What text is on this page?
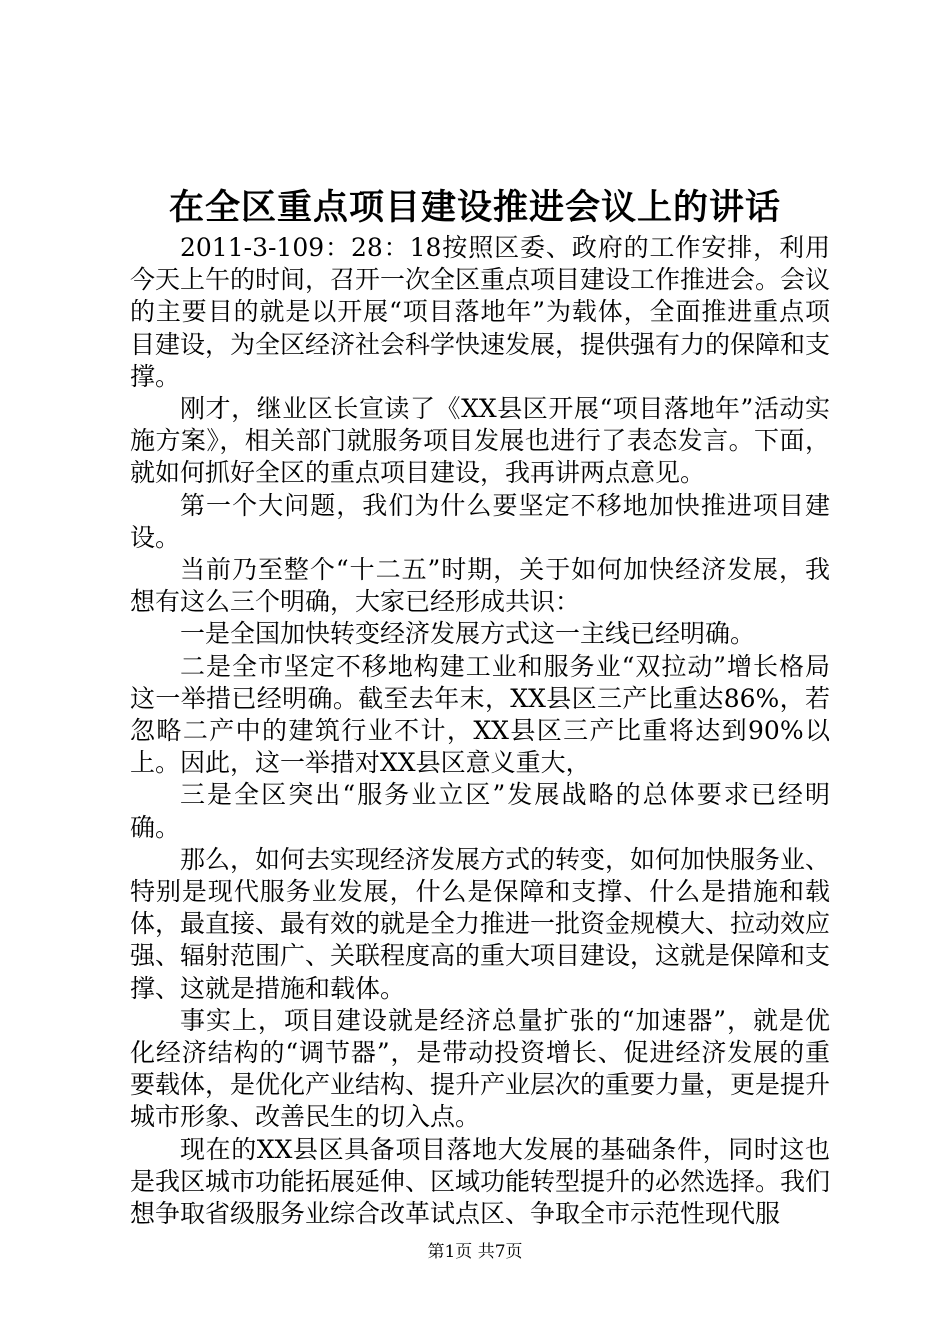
在全区重点项目建设推进会议上的讲话

2011-3-109：28：18按照区委、政府的工作安排，利用今天上午的时间，召开一次全区重点项目建设工作推进会。会议的主要目的就是以开展“项目落地年”为载体，全面推进重点项目建设，为全区经济社会科学快速发展，提供强有力的保障和支撑。

刚才，继业区长宣读了《XX县区开展“项目落地年”活动实施方案》，相关部门就服务项目发展也进行了表态发言。下面，就如何抓好全区的重点项目建设，我再讲两点意见。

第一个大问题，我们为什么要坚定不移地加快推进项目建设。

当前乃至整个“十二五”时期，关于如何加快经济发展，我想有这么三个明确，大家已经形成共识：

一是全国加快转变经济发展方式这一主线已经明确。

二是全市坚定不移地构建工业和服务业“双拉动”增长格局这一举措已经明确。截至去年末，XX县区三产比重达86%，若忽略二产中的建筑行业不计，XX县区三产比重将达到90%以上。因此，这一举措对XX县区意义重大，

三是全区突出“服务业立区”发展战略的总体要求已经明确。

那么，如何去实现经济发展方式的转变，如何加快服务业、特别是现代服务业发展，什么是保障和支撑、什么是措施和载体，最直接、最有效的就是全力推进一批资金规模大、拉动效应强、辐射范围广、关联程度高的重大项目建设，这就是保障和支撑、这就是措施和载体。

事实上，项目建设就是经济总量扩张的“加速器”，就是优化经济结构的“调节器”，是带动投资增长、促进经济发展的重要载体，是优化产业结构、提升产业层次的重要力量，更是提升城市形象、改善民生的切入点。

现在的XX县区具备项目落地大发展的基础条件，同时这也是我区城市功能拓展延伸、区域功能转型提升的必然选择。我们想争取省级服务业综合改革试点区、争取全市示范性现代服

第1页 共7页
